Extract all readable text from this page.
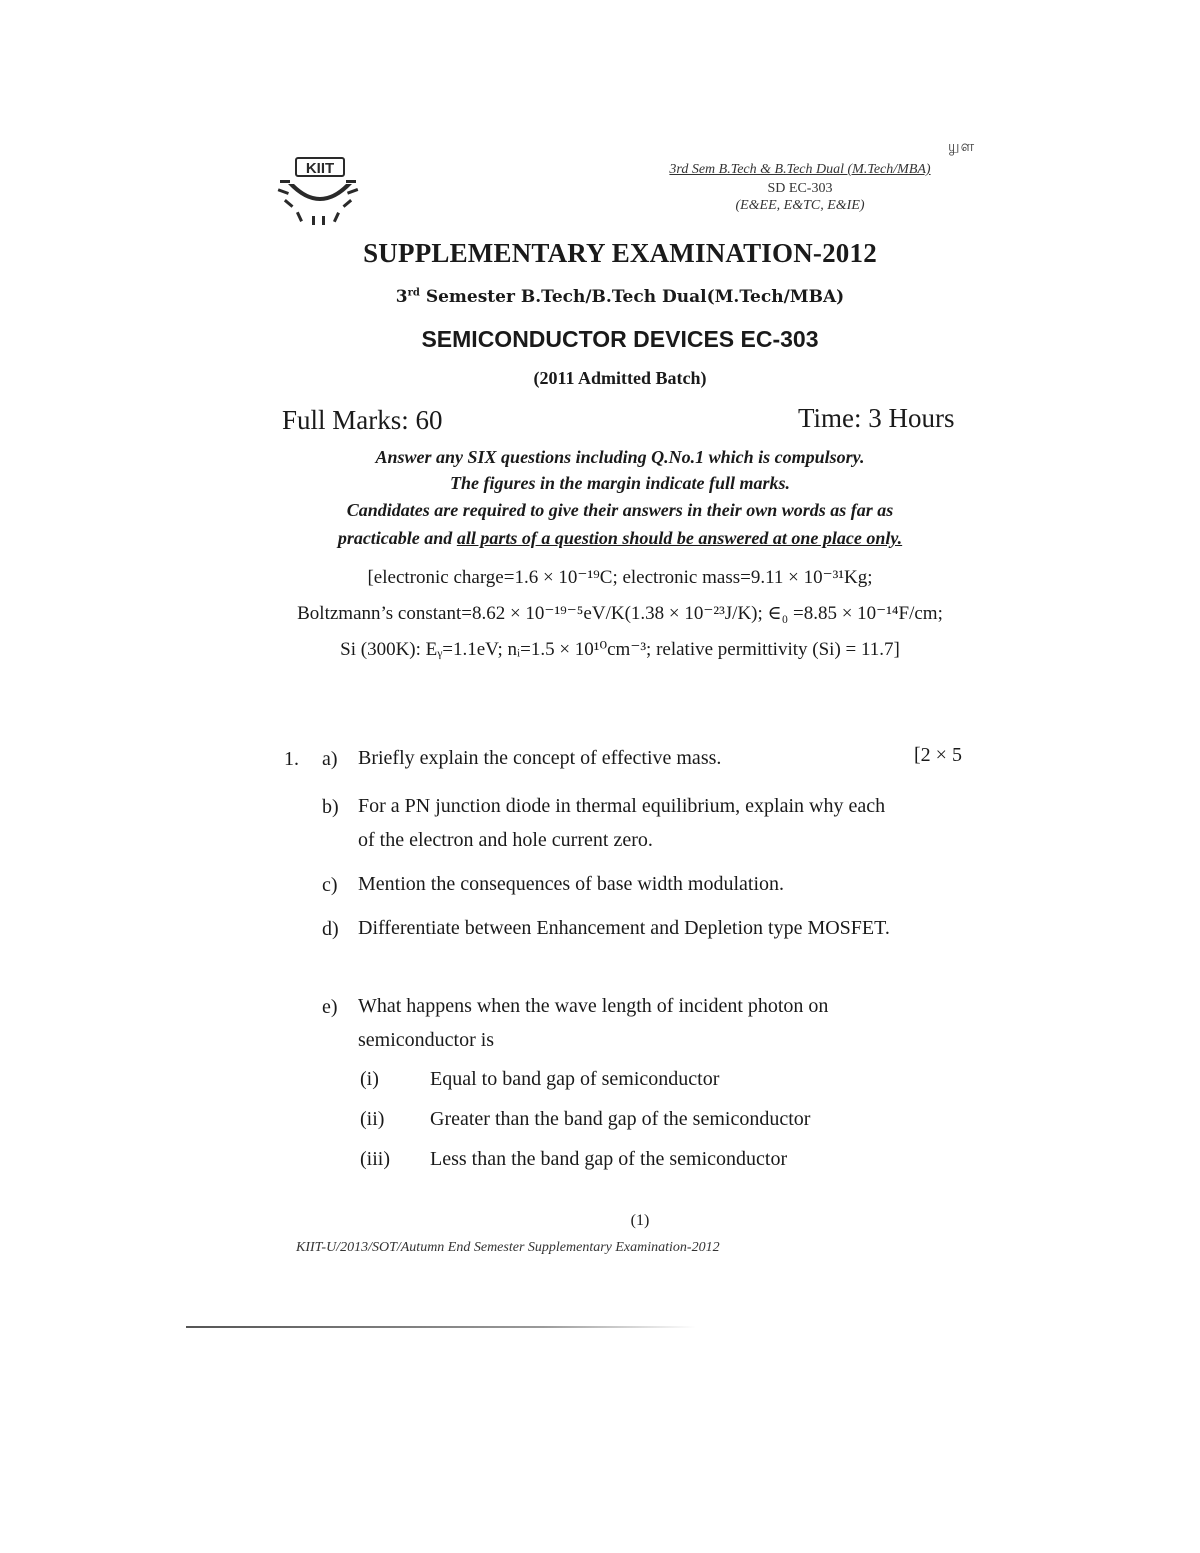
௶ள
KIIT	3rd Sem B.Tech & B.Tech Dual (M.Tech/MBA)
SD EC-303
(E&EE, E&TC, E&IE)
SUPPLEMENTARY EXAMINATION-2012
3rd Semester B.Tech/B.Tech Dual(M.Tech/MBA)
SEMICONDUCTOR DEVICES EC-303
(2011 Admitted Batch)
Full Marks: 60	Time: 3 Hours
Answer any SIX questions including Q.No.1 which is compulsory.
The figures in the margin indicate full marks.
Candidates are required to give their answers in their own words as far as
practicable and all parts of a question should be answered at one place only.
[electronic charge=1.6 × 10⁻¹⁹C; electronic mass=9.11 × 10⁻³¹Kg;
Boltzmann’s constant=8.62 × 10⁻¹⁹⁻⁵eV/K(1.38 × 10⁻²³J/K); ∈₀ =8.85 × 10⁻¹⁴F/cm;
Si (300K): Eᵧ=1.1eV; nᵢ=1.5 × 10¹⁰cm⁻³; relative permittivity (Si) = 11.7]
1.	[2 × 5
a) Briefly explain the concept of effective mass.
b) For a PN junction diode in thermal equilibrium, explain why each of the electron and hole current zero.
c) Mention the consequences of base width modulation.
d) Differentiate between Enhancement and Depletion type MOSFET.
e) What happens when the wave length of incident photon on semiconductor is
(i)	Equal to band gap of semiconductor
(ii) Greater than the band gap of the semiconductor
(iii) Less than the band gap of the semiconductor
(1)
KIIT-U/2013/SOT/Autumn End Semester Supplementary Examination-2012
